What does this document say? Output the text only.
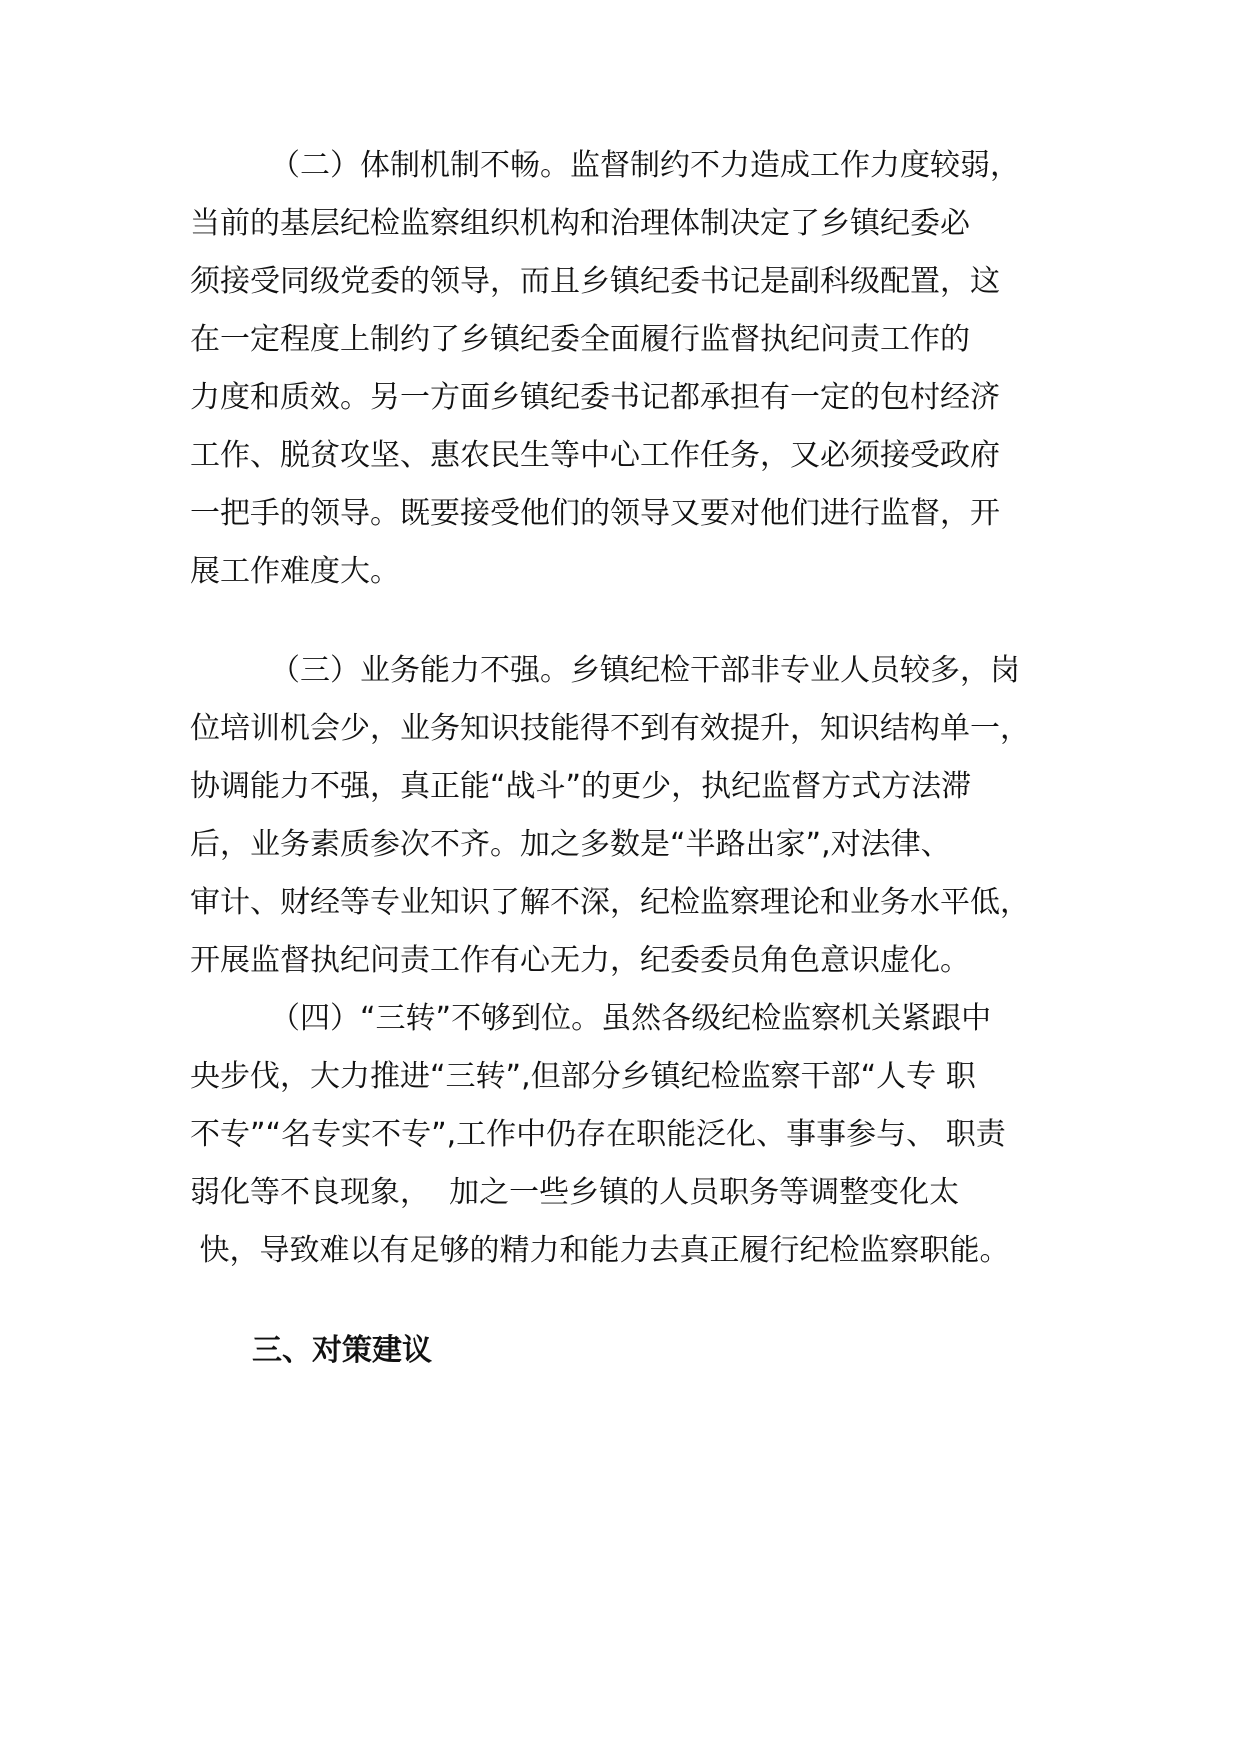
（二）体制机制不畅。监督制约不力造成工作力度较弱，
当前的基层纪检监察组织机构和治理体制决定了乡镇纪委必
须接受同级党委的领导，而且乡镇纪委书记是副科级配置，这
在一定程度上制约了乡镇纪委全面履行监督执纪问责工作的
力度和质效。另一方面乡镇纪委书记都承担有一定的包村经济
工作、脱贫攻坚、惠农民生等中心工作任务，又必须接受政府
一把手的领导。既要接受他们的领导又要对他们进行监督，开
展工作难度大。
（三）业务能力不强。乡镇纪检干部非专业人员较多，岗
位培训机会少，业务知识技能得不到有效提升，知识结构单一，
协调能力不强，真正能“战斗”的更少，执纪监督方式方法滞
后，业务素质参次不齐。加之多数是“半路出家”,对法律、
审计、财经等专业知识了解不深，纪检监察理论和业务水平低，
开展监督执纪问责工作有心无力，纪委委员角色意识虚化。
（四）“三转”不够到位。虽然各级纪检监察机关紧跟中
央步伐，大力推进“三转”,但部分乡镇纪检监察干部“人专 职
不专”“名专实不专”,工作中仍存在职能泛化、事事参与、 职责
弱化等不良现象，  加之一些乡镇的人员职务等调整变化太
快，导致难以有足够的精力和能力去真正履行纪检监察职能。
三、对策建议
